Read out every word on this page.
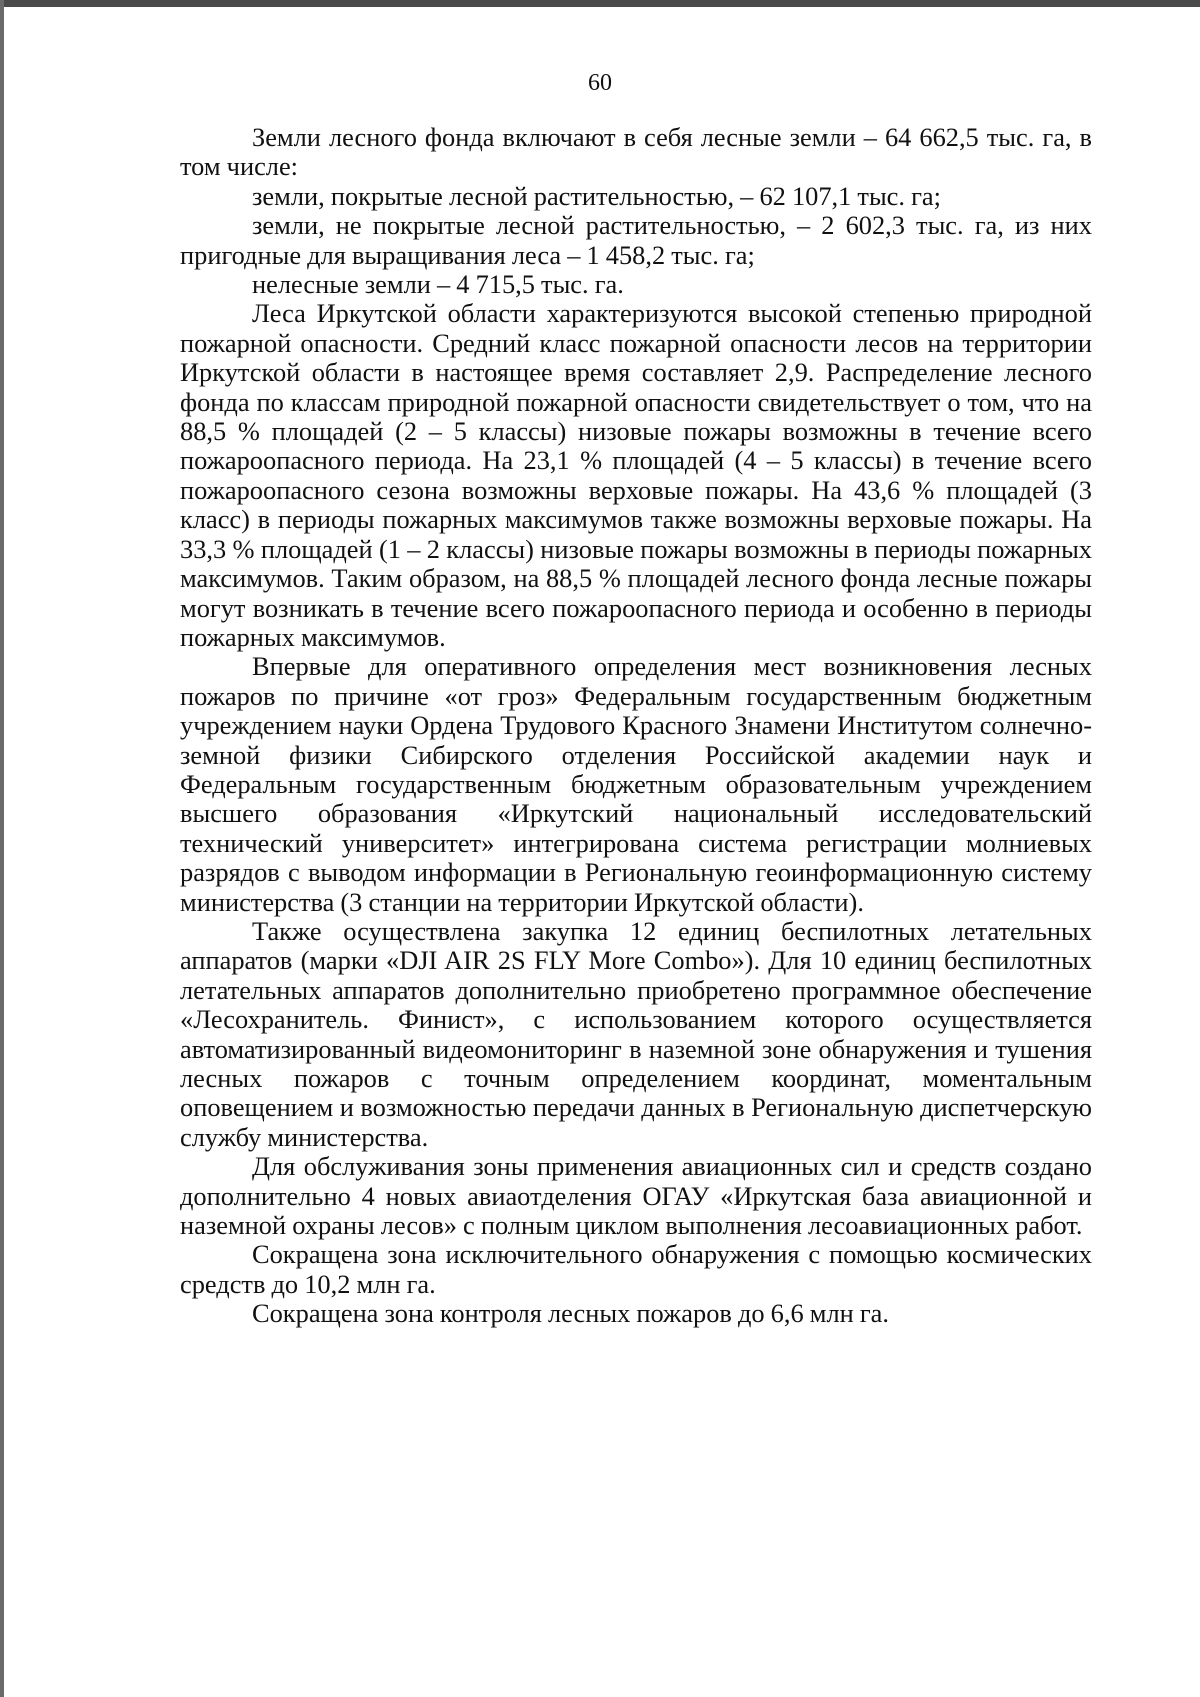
60

Земли лесного фонда включают в себя лесные земли – 64 662,5 тыс. га, в том числе:

земли, покрытые лесной растительностью, – 62 107,1 тыс. га;

земли, не покрытые лесной растительностью, – 2 602,3 тыс. га, из них пригодные для выращивания леса – 1 458,2 тыс. га;

нелесные земли – 4 715,5 тыс. га.

Леса Иркутской области характеризуются высокой степенью природной пожарной опасности. Средний класс пожарной опасности лесов на территории Иркутской области в настоящее время составляет 2,9. Распределение лесного фонда по классам природной пожарной опасности свидетельствует о том, что на 88,5 % площадей (2 – 5 классы) низовые пожары возможны в течение всего пожароопасного периода. На 23,1 % площадей (4 – 5 классы) в течение всего пожароопасного сезона возможны верховые пожары. На 43,6 % площадей (3 класс) в периоды пожарных максимумов также возможны верховые пожары. На 33,3 % площадей (1 – 2 классы) низовые пожары возможны в периоды пожарных максимумов. Таким образом, на 88,5 % площадей лесного фонда лесные пожары могут возникать в течение всего пожароопасного периода и особенно в периоды пожарных максимумов.

Впервые для оперативного определения мест возникновения лесных пожаров по причине «от гроз» Федеральным государственным бюджетным учреждением науки Ордена Трудового Красного Знамени Институтом солнечно-земной физики Сибирского отделения Российской академии наук и Федеральным государственным бюджетным образовательным учреждением высшего образования «Иркутский национальный исследовательский технический университет» интегрирована система регистрации молниевых разрядов с выводом информации в Региональную геоинформационную систему министерства (3 станции на территории Иркутской области).

Также осуществлена закупка 12 единиц беспилотных летательных аппаратов (марки «DJI AIR 2S FLY More Combo»). Для 10 единиц беспилотных летательных аппаратов дополнительно приобретено программное обеспечение «Лесохранитель. Финист», с использованием которого осуществляется автоматизированный видеомониторинг в наземной зоне обнаружения и тушения лесных пожаров с точным определением координат, моментальным оповещением и возможностью передачи данных в Региональную диспетчерскую службу министерства.

Для обслуживания зоны применения авиационных сил и средств создано дополнительно 4 новых авиаотделения ОГАУ «Иркутская база авиационной и наземной охраны лесов» с полным циклом выполнения лесоавиационных работ.

Сокращена зона исключительного обнаружения с помощью космических средств до 10,2 млн га.

Сокращена зона контроля лесных пожаров до 6,6 млн га.
